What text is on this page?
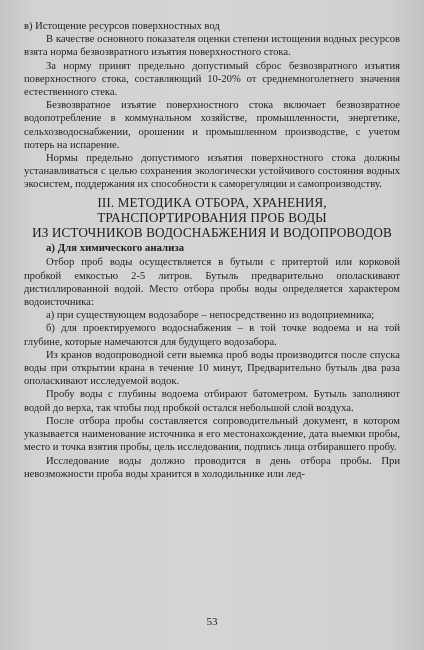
в) Истощение ресурсов поверхностных вод

В качестве основного показателя оценки степени истощения водных ресурсов взята норма безвозвратного изъятия поверхностного стока.

За норму принят предельно допустимый сброс безвозвратного изъятия поверхностного стока, составляющий 10-20% от среднемноголетнего значения естественного стека.

Безвозвратное изъятие поверхностного стока включает безвозвратное водопотребление в коммунальном хозяйстве, промышленности, энергетике, сельхозводоснабжении, орошении и промышленном производстве, с учетом потерь на испарение.

Нормы предельно допустимого изъятия поверхностного стока должны устанавливаться с целью сохранения экологически устойчивого состояния водных экосистем, поддержания их способности к саморегуляции и самопроизводству.

III. МЕТОДИКА ОТБОРА, ХРАНЕНИЯ,
ТРАНСПОРТИРОВАНИЯ ПРОБ ВОДЫ
ИЗ ИСТОЧНИКОВ ВОДОСНАБЖЕНИЯ И ВОДОПРОВОДОВ

а) Для химического анализа

Отбор проб воды осуществляется в бутыли с притертой или корковой пробкой емкостью 2-5 литров. Бутыль предварительно ополаскивают дистиллированной водой. Место отбора пробы воды определяется характером водоисточника:

а) при существующем водозаборе – непосредственно из водоприемника;

б) для проектируемого водоснабжения – в той точке водоема и на той глубине, которые намечаются для будущего водозабора.

Из кранов водопроводной сети выемка проб воды производится после спуска воды при открытии крана в течение 10 минут, Предварительно бутыль два раза ополаскивают исследуемой водок.

Пробу воды с глубины водоема отбирают батометром. Бутыль заполняют водой до верха, так чтобы под пробкой остался небольшой слой воздуха.

После отбора пробы составляется сопроводительный документ, в котором указывается наименование источника я его местонахождение, дата выемки пробы, место и точка взятия пробы, цель исследования, подпись лица отбиравшего пробу.

Исследование воды должно проводится в день отбора пробы. При невозможности проба воды хранится в холодильнике или лед-

53
